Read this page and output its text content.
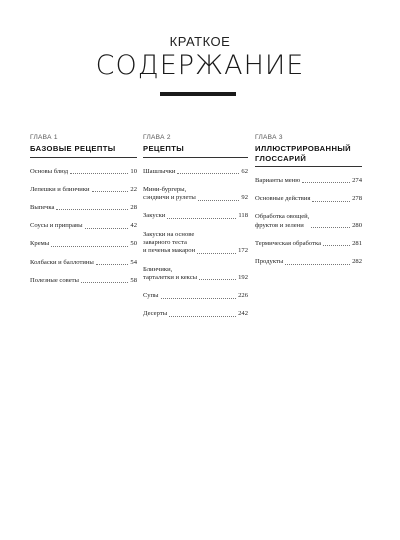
КРАТКОЕ
СОДЕРЖАНИЕ
ГЛАВА 1
БАЗОВЫЕ РЕЦЕПТЫ
Основы блюд	10
Лепешки и блинчики	22
Выпечка	28
Соусы и приправы	42
Кремы	50
Колбаски и баллотины	54
Полезные советы	58
ГЛАВА 2
РЕЦЕПТЫ
Шашлычки	62
Мини-бургеры,
сэндвичи и рулеты	92
Закуски	118
Закуски на основе
заварного теста
и печенья макарон	172
Блинчики,
тарталетки и кексы	192
Супы	226
Десерты	242
ГЛАВА 3
ИЛЛЮСТРИРОВАННЫЙ
ГЛОССАРИЙ
Варианты меню	274
Основные действия	278
Обработка овощей,
фруктов и зелени	280
Термическая обработка	281
Продукты	282
